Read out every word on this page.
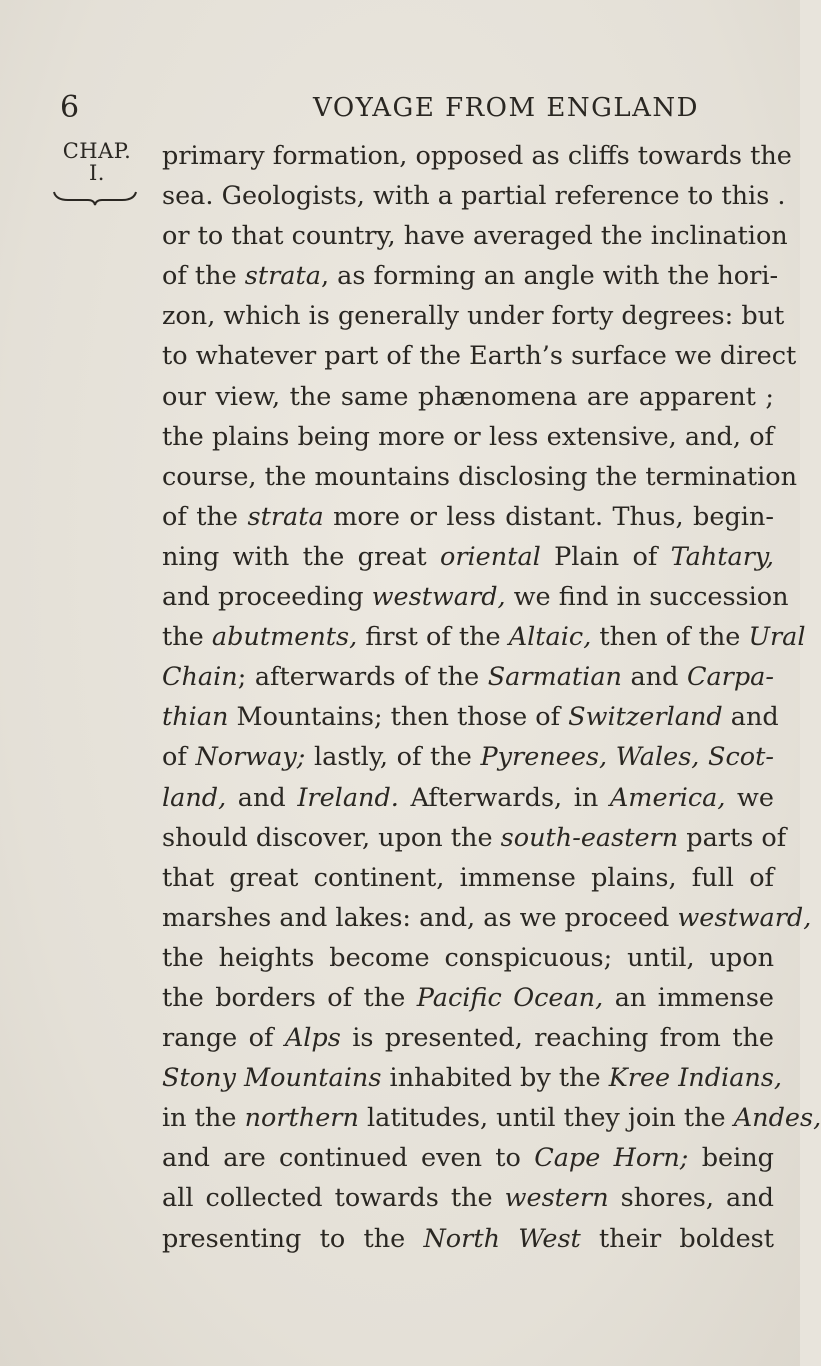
6	VOYAGE FROM ENGLAND
CHAP.
I.
primary formation, opposed as cliffs towards the
sea. Geologists, with a partial reference to this .
or to that country, have averaged the inclination
of the strata, as forming an angle with the hori-
zon, which is generally under forty degrees: but
to whatever part of the Earth’s surface we direct
our view, the same phænomena are apparent ;
the plains being more or less extensive, and, of
course, the mountains disclosing the termination
of the strata more or less distant. Thus, begin-
ning with the great oriental Plain of Tahtary,
and proceeding westward, we find in succession
the abutments, first of the Altaic, then of the Ural
Chain; afterwards of the Sarmatian and Carpa-
thian Mountains; then those of Switzerland and
of Norway; lastly, of the Pyrenees, Wales, Scot-
land, and Ireland. Afterwards, in America, we
should discover, upon the south-eastern parts of
that great continent, immense plains, full of
marshes and lakes: and, as we proceed westward,
the heights become conspicuous; until, upon
the borders of the Pacific Ocean, an immense
range of Alps is presented, reaching from the
Stony Mountains inhabited by the Kree Indians,
in the northern latitudes, until they join the Andes,
and are continued even to Cape Horn; being
all collected towards the western shores, and
presenting to the North West their boldest
